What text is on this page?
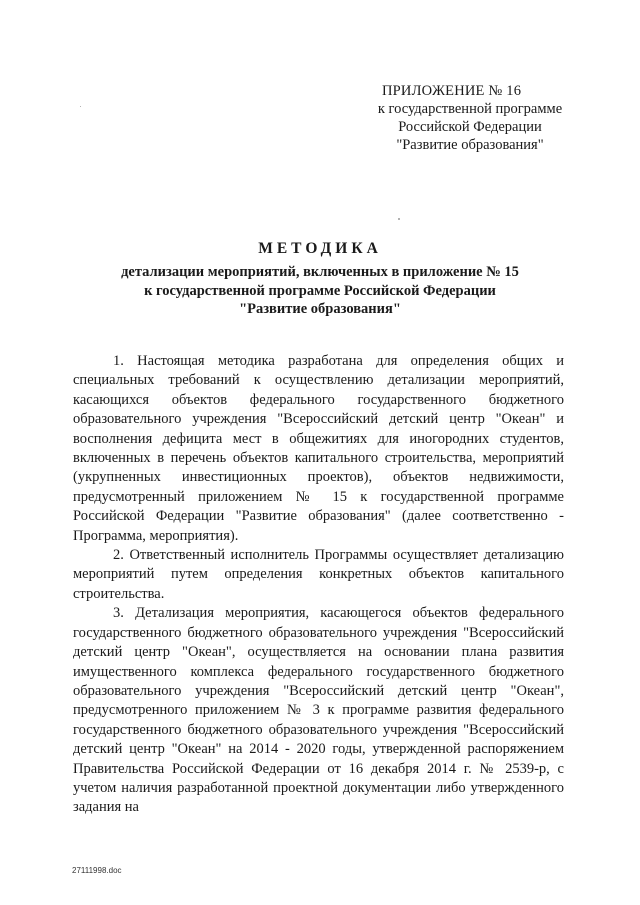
ПРИЛОЖЕНИЕ № 16
к государственной программе
Российской Федерации
"Развитие образования"
МЕТОДИКА
детализации мероприятий, включенных в приложение № 15
к государственной программе Российской Федерации
"Развитие образования"

1. Настоящая методика разработана для определения общих и специальных требований к осуществлению детализации мероприятий, касающихся объектов федерального государственного бюджетного образовательного учреждения "Всероссийский детский центр "Океан" и восполнения дефицита мест в общежитиях для иногородних студентов, включенных в перечень объектов капитального строительства, мероприятий (укрупненных инвестиционных проектов), объектов недвижимости, предусмотренный приложением № 15 к государственной программе Российской Федерации "Развитие образования" (далее соответственно - Программа, мероприятия).

2. Ответственный исполнитель Программы осуществляет детализацию мероприятий путем определения конкретных объектов капитального строительства.

3. Детализация мероприятия, касающегося объектов федерального государственного бюджетного образовательного учреждения "Всероссийский детский центр "Океан", осуществляется на основании плана развития имущественного комплекса федерального государственного бюджетного образовательного учреждения "Всероссийский детский центр "Океан", предусмотренного приложением № 3 к программе развития федерального государственного бюджетного образовательного учреждения "Всероссийский детский центр "Океан" на 2014 - 2020 годы, утвержденной распоряжением Правительства Российской Федерации от 16 декабря 2014 г. № 2539-р, с учетом наличия разработанной проектной документации либо утвержденного задания на

27111998.doc
